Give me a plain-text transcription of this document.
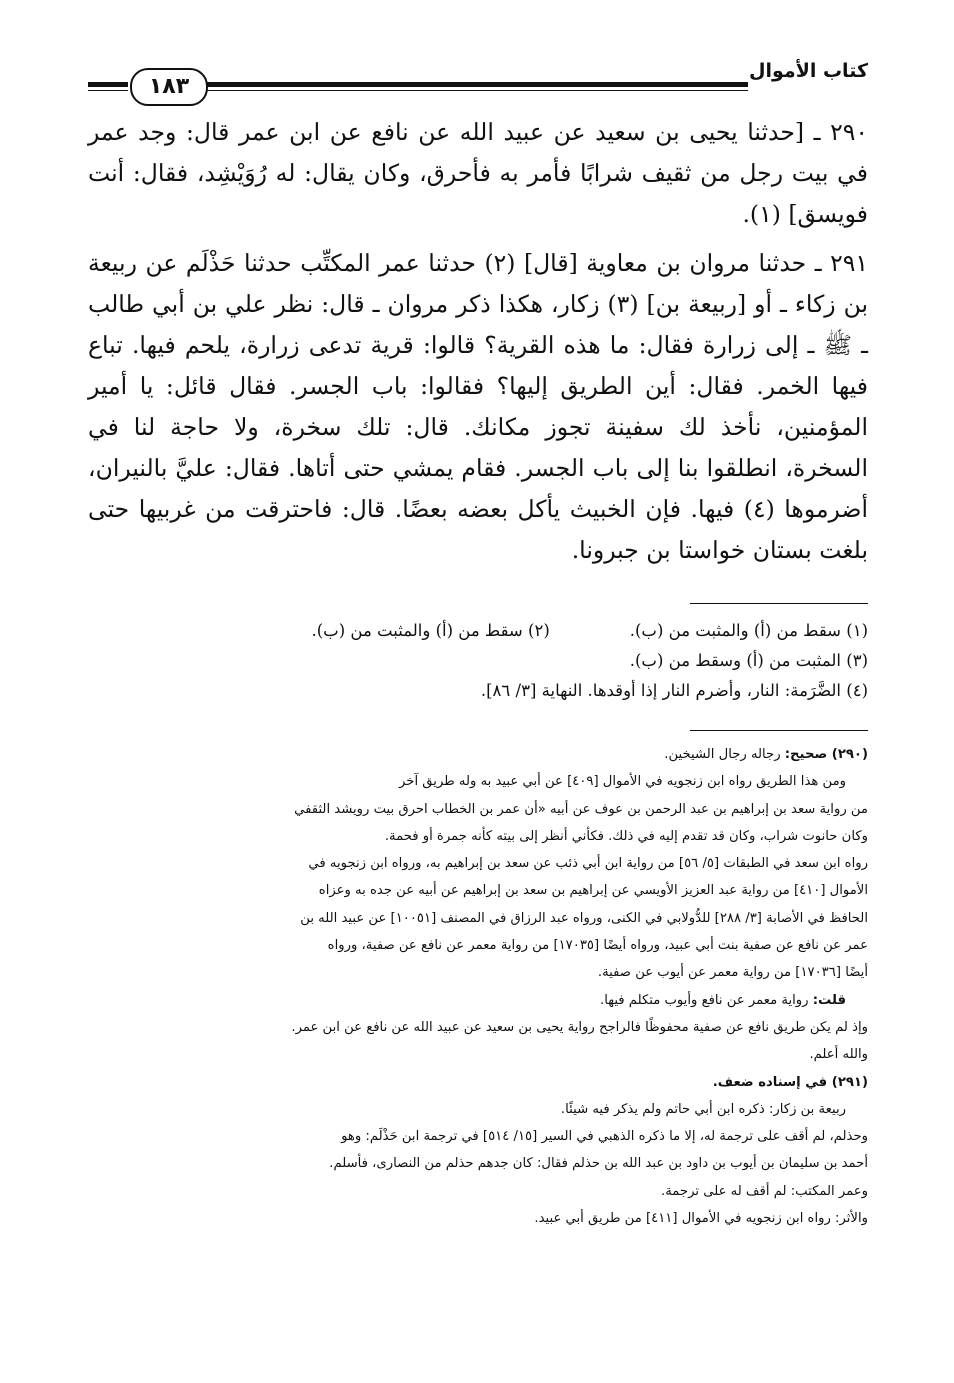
كتاب الأموال
١٨٣

٢٩٠ ـ [حدثنا يحيى بن سعيد عن عبيد الله عن نافع عن ابن عمر قال: وجد عمر في بيت رجل من ثقيف شرابًا فأمر به فأحرق، وكان يقال: له رُوَيْشِد، فقال: أنت فويسق] (١).

٢٩١ ـ حدثنا مروان بن معاوية [قال] (٢) حدثنا عمر المكتِّب حدثنا حَذْلَم عن ربيعة بن زكاء ـ أو [ربيعة بن] (٣) زكار، هكذا ذكر مروان ـ قال: نظر علي بن أبي طالب ـ ﷺ ـ إلى زرارة فقال: ما هذه القرية؟ قالوا: قرية تدعى زرارة، يلحم فيها. تباع فيها الخمر. فقال: أين الطريق إليها؟ فقالوا: باب الجسر. فقال قائل: يا أمير المؤمنين، نأخذ لك سفينة تجوز مكانك. قال: تلك سخرة، ولا حاجة لنا في السخرة، انطلقوا بنا إلى باب الجسر. فقام يمشي حتى أتاها. فقال: عليَّ بالنيران، أضرموها (٤) فيها. فإن الخبيث يأكل بعضه بعضًا. قال: فاحترقت من غربيها حتى بلغت بستان خواستا بن جبرونا.

(١) سقط من (أ) والمثبت من (ب).
(٢) سقط من (أ) والمثبت من (ب).
(٣) المثبت من (أ) وسقط من (ب).
(٤) الضَّرَمة: النار، وأضرم النار إذا أوقدها. النهاية [٣/ ٨٦].
(٢٩٠) صحيح: رجاله رجال الشيخين.
ومن هذا الطريق رواه ابن زنجويه في الأموال [٤٠٩] عن أبي عبيد به وله طريق آخر
من رواية سعد بن إبراهيم بن عبد الرحمن بن عوف عن أبيه «أن عمر بن الخطاب احرق بيت رويشد الثقفي
وكان حانوت شراب، وكان قد تقدم إليه في ذلك. فكأني أنظر إلى بيته كأنه جمرة أو فحمة.
رواه ابن سعد في الطبقات [٥/ ٥٦] من رواية ابن أبي ذئب عن سعد بن إبراهيم به، ورواه ابن زنجويه في
الأموال [٤١٠] من رواية عبد العزيز الأويسي عن إبراهيم بن سعد بن إبراهيم عن أبيه عن جده به وعزاه
الحافظ في الأصابة [٣/ ٢٨٨] للدُّولابي في الكنى، ورواه عبد الرزاق في المصنف [١٠٠٥١] عن عبيد الله بن
عمر عن نافع عن صفية بنت أبي عبيد، ورواه أيضًا [١٧٠٣٥] من رواية معمر عن نافع عن صفية، ورواه
أيضًا [١٧٠٣٦] من رواية معمر عن أيوب عن صفية.
قلت: رواية معمر عن نافع وأيوب متكلم فيها.
وإذ لم يكن طريق نافع عن صفية محفوظًا فالراجح رواية يحيى بن سعيد عن عبيد الله عن نافع عن ابن عمر.
والله أعلم.
(٢٩١) في إسناده ضعف.
ربيعة بن زكار: ذكره ابن أبي حاتم ولم يذكر فيه شيئًا.
وحذلم، لم أقف على ترجمة له، إلا ما ذكره الذهبي في السير [١٥/ ٥١٤] في ترجمة ابن حَذْلَم: وهو
أحمد بن سليمان بن أيوب بن داود بن عبد الله بن حذلم فقال: كان جدهم حذلم من النصارى، فأسلم.
وعمر المكتب: لم أقف له على ترجمة.
والأثر: رواه ابن زنجويه في الأموال [٤١١] من طريق أبي عبيد.
